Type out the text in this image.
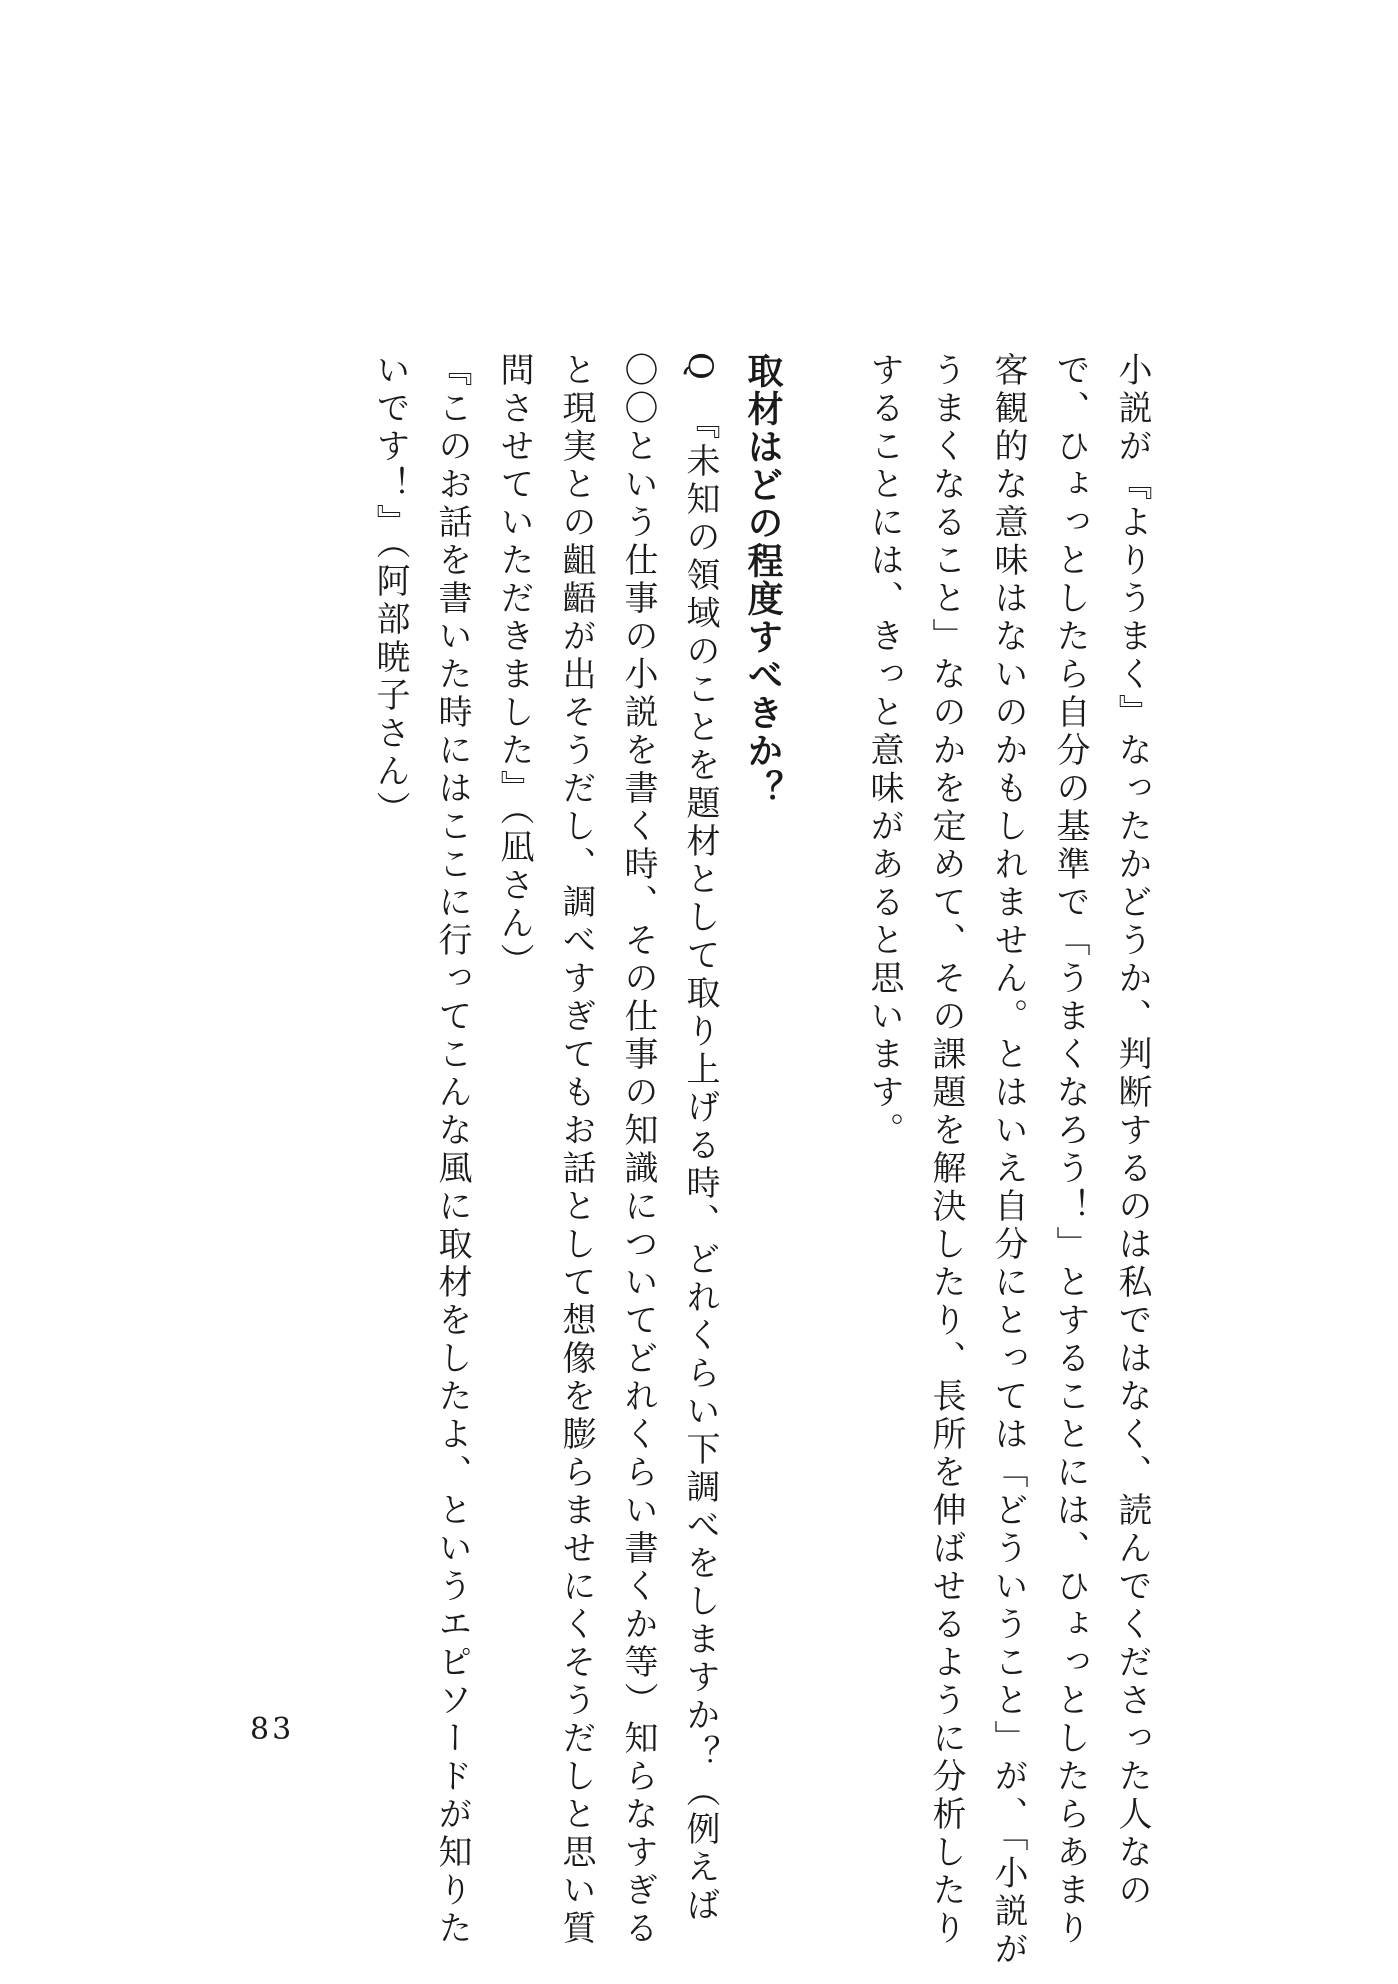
小説が『よりうまく』なったかどうか、判断するのは私ではなく、読んでくださった人なの
で、ひょっとしたら自分の基準で「うまくなろう！」とすることには、ひょっとしたらあまり
客観的な意味はないのかもしれません。とはいえ自分にとっては「どういうこと」が、「小説が
うまくなること」なのかを定めて、その課題を解決したり、長所を伸ばせるように分析したり
することには、きっと意味があると思います。
取材はどの程度すべきか？
Q　『未知の領域のことを題材として取り上げる時、どれくらい下調べをしますか？（例えば
〇〇という仕事の小説を書く時、その仕事の知識についてどれくらい書くか等）知らなすぎる
と現実との齟齬が出そうだし、調べすぎてもお話として想像を膨らませにくそうだしと思い質
問させていただきました』（凪さん）
『このお話を書いた時にはここに行ってこんな風に取材をしたよ、というエピソードが知りた
いです！』（阿部暁子さん）
83
